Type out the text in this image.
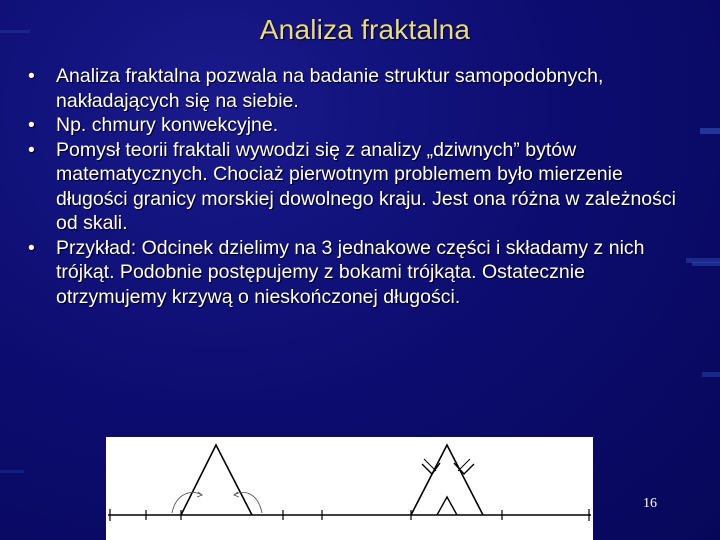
Analiza fraktalna
• Analiza fraktalna pozwala na badanie struktur samopodobnych, nakładających się na siebie.
• Np. chmury konwekcyjne.
• Pomysł teorii fraktali wywodzi się z analizy „dziwnych” bytów matematycznych. Chociaż pierwotnym problemem było mierzenie długości granicy morskiej dowolnego kraju. Jest ona różna w zależności od skali.
• Przykład: Odcinek dzielimy na 3 jednakowe części i składamy z nich trójkąt. Podobnie postępujemy z bokami trójkąta. Ostatecznie otrzymujemy krzywą o nieskończonej długości.
16
